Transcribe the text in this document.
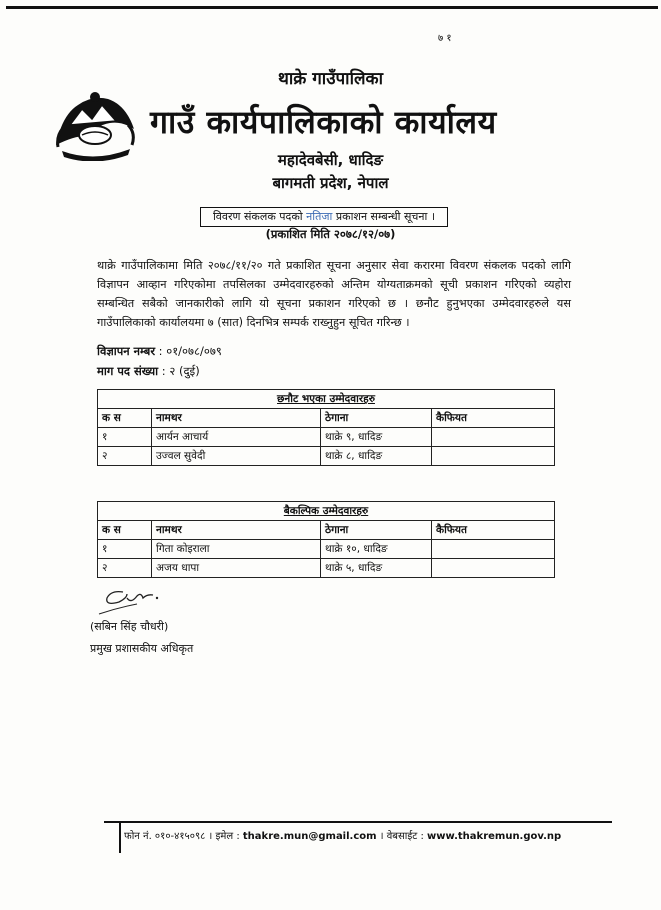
७ १
थाक्रे गाउँपालिका
गाउँ कार्यपालिकाको कार्यालय
महादेवबेसी, धादिङ
बागमती प्रदेश, नेपाल
विवरण संकलक पदको नतिजा प्रकाशन सम्बन्धी सूचना ।
(प्रकाशित मिति २०७८/१२/०७)
थाक्रे गाउँपालिकामा मिति २०७८/११/२० गते प्रकाशित सूचना अनुसार सेवा करारमा विवरण संकलक पदको लागि विज्ञापन आव्हान गरिएकोमा तपसिलका उम्मेदवारहरुको अन्तिम योग्यताक्रमको सूची प्रकाशन गरिएको व्यहोरा सम्बन्धित सबैको जानकारीको लागि यो सूचना प्रकाशन गरिएको छ । छनौट हुनुभएका उम्मेदवारहरुले यस गाउँपालिकाको कार्यालयमा ७ (सात) दिनभित्र सम्पर्क राख्नुहुन सूचित गरिन्छ ।
विज्ञापन नम्बर : ०१/०७८/०७९
माग पद संख्या : २ (दुई)
छनौट भएका उम्मेदवारहरु			
क स	नामथर	ठेगाना	कैफियत
१	आर्यन आचार्य	थाक्रे ९, धादिङ	
२	उज्वल सुवेदी	थाक्रे ८, धादिङ	
बैकल्पिक उम्मेदवारहरु			
क स	नामथर	ठेगाना	कैफियत
१	गिता कोइराला	थाक्रे १०, धादिङ	
२	अजय धापा	थाक्रे ५, धादिङ	
(सबिन सिंह चौधरी)
प्रमुख प्रशासकीय अधिकृत
फोन नं. ०१०-४१५०९८ । इमेल : thakre.mun@gmail.com । वेबसाईट : www.thakremun.gov.np
